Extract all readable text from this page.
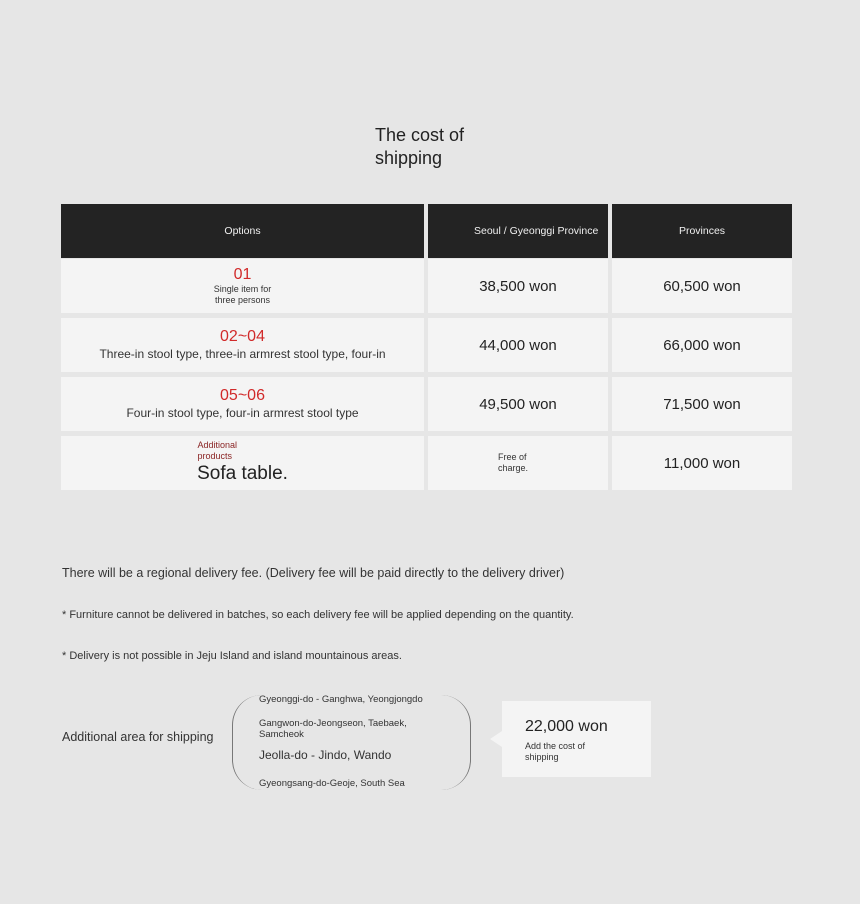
The cost of shipping
Options	Seoul / Gyeonggi Province	Provinces
01
Single item for three persons
38,500 won	60,500 won
02~04
Three-in stool type, three-in armrest stool type, four-in
44,000 won	66,000 won
05~06
Four-in stool type, four-in armrest stool type
49,500 won	71,500 won
Additional products
Sofa table.
Free of charge.	11,000 won
There will be a regional delivery fee. (Delivery fee will be paid directly to the delivery driver)
* Furniture cannot be delivered in batches, so each delivery fee will be applied depending on the quantity.
* Delivery is not possible in Jeju Island and island mountainous areas.
Additional area for shipping
Gyeonggi-do - Ganghwa, Yeongjongdo
Gangwon-do-Jeongseon, Taebaek, Samcheok
Jeolla-do - Jindo, Wando
Gyeongsang-do-Geoje, South Sea
22,000 won
Add the cost of shipping
